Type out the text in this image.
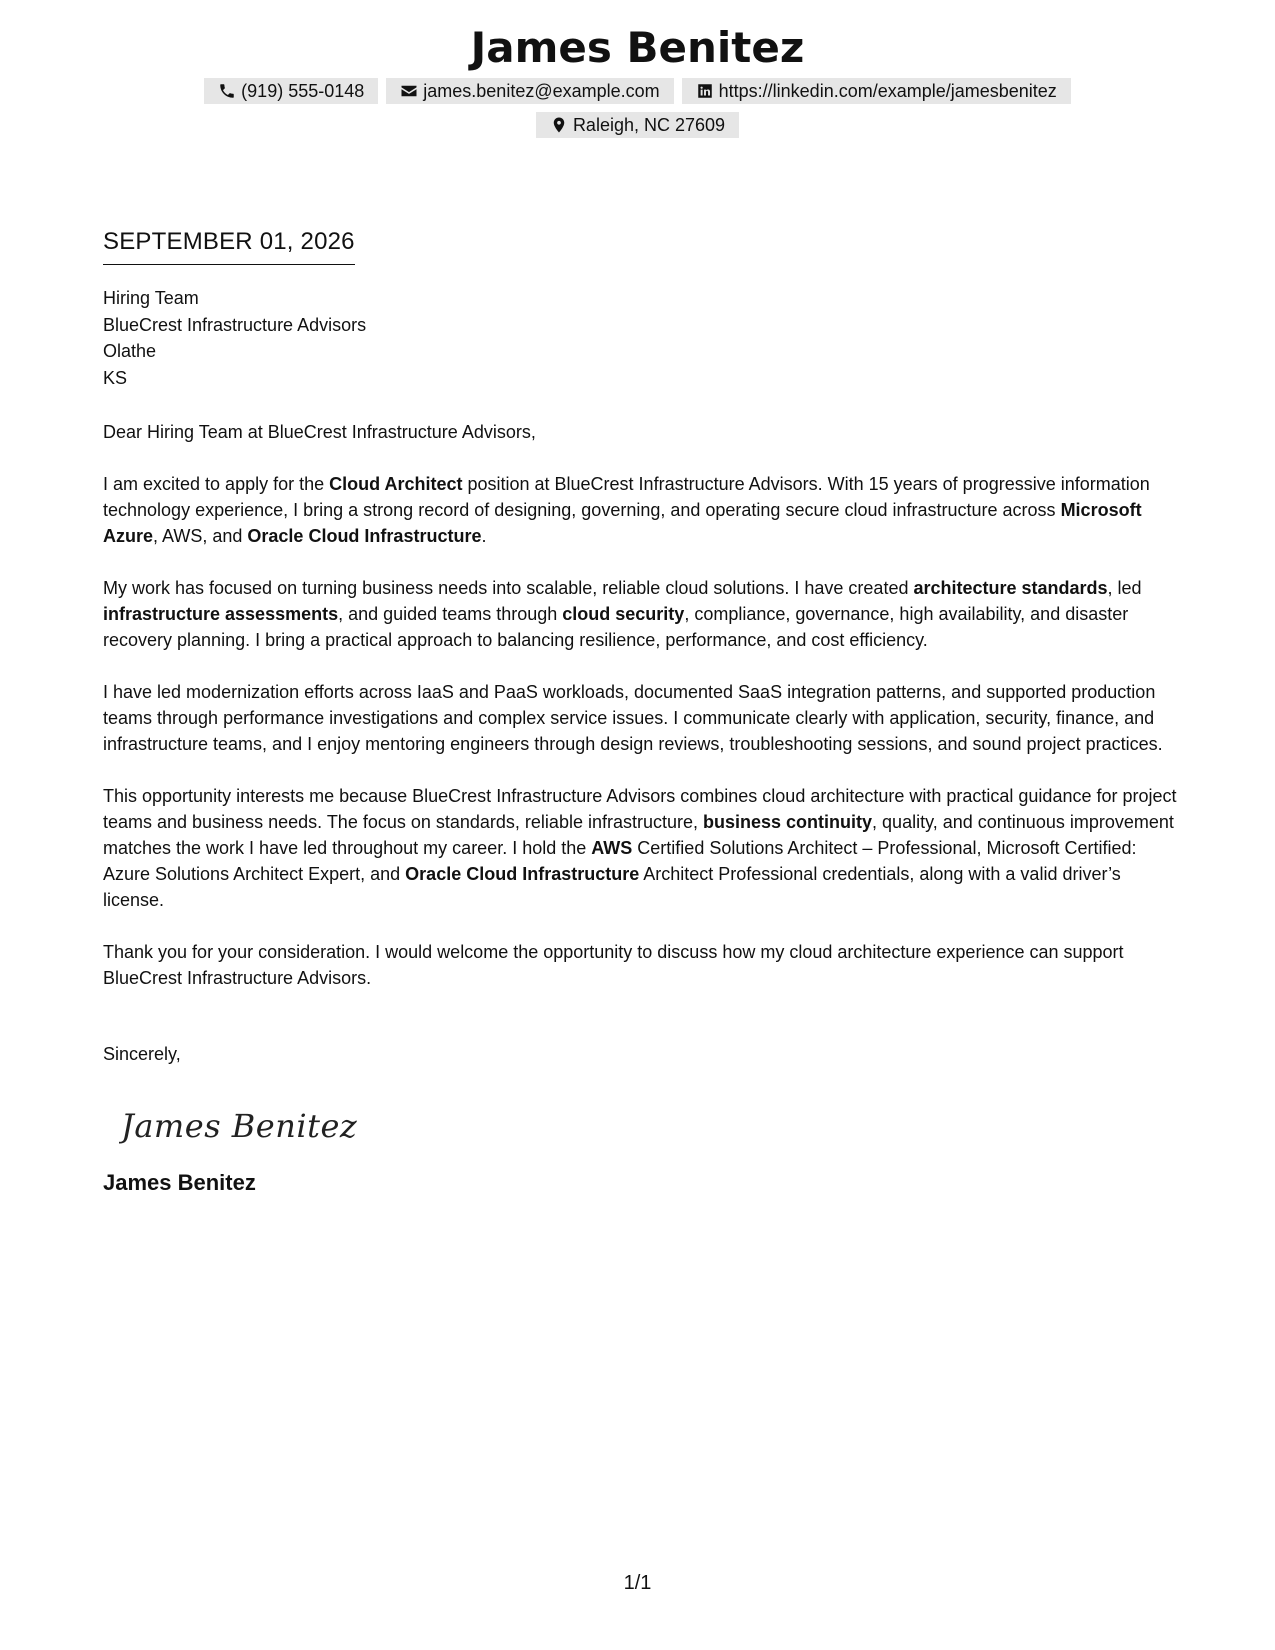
James Benitez
(919) 555-0148	james.benitez@example.com	https://linkedin.com/example/jamesbenitez
Raleigh, NC 27609
SEPTEMBER 01, 2026
Hiring Team
BlueCrest Infrastructure Advisors
Olathe
KS

Dear Hiring Team at BlueCrest Infrastructure Advisors,

I am excited to apply for the Cloud Architect position at BlueCrest Infrastructure Advisors. With 15 years of progressive information technology experience, I bring a strong record of designing, governing, and operating secure cloud infrastructure across Microsoft Azure, AWS, and Oracle Cloud Infrastructure.

My work has focused on turning business needs into scalable, reliable cloud solutions. I have created architecture standards, led infrastructure assessments, and guided teams through cloud security, compliance, governance, high availability, and disaster recovery planning. I bring a practical approach to balancing resilience, performance, and cost efficiency.

I have led modernization efforts across IaaS and PaaS workloads, documented SaaS integration patterns, and supported production teams through performance investigations and complex service issues. I communicate clearly with application, security, finance, and infrastructure teams, and I enjoy mentoring engineers through design reviews, troubleshooting sessions, and sound project practices.

This opportunity interests me because BlueCrest Infrastructure Advisors combines cloud architecture with practical guidance for project teams and business needs. The focus on standards, reliable infrastructure, business continuity, quality, and continuous improvement matches the work I have led throughout my career. I hold the AWS Certified Solutions Architect – Professional, Microsoft Certified: Azure Solutions Architect Expert, and Oracle Cloud Infrastructure Architect Professional credentials, along with a valid driver’s license.

Thank you for your consideration. I would welcome the opportunity to discuss how my cloud architecture experience can support BlueCrest Infrastructure Advisors.

Sincerely,

James Benitez
James Benitez
1/1
